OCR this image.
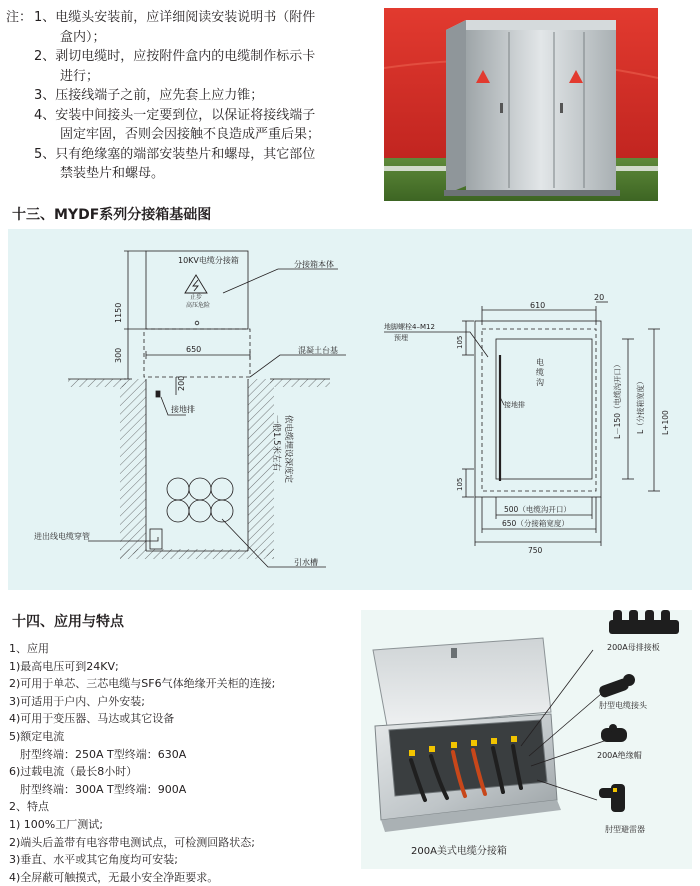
注： 1、电缆头安装前，应详细阅读安装说明书（附件
盒内）；
2、剥切电缆时，应按附件盒内的电缆制作标示卡
进行；
3、压接线端子之前，应先套上应力锥；
4、安装中间接头一定要到位，以保证将接线端子
固定牢固，否则会因接触不良造成严重后果；
5、只有绝缘塞的端部安装垫片和螺母，其它部位
禁装垫片和螺母。
十三、MYDF系列分接箱基础图
10KV电缆分接箱
止步
高压危险
1150
300	650
200
分接箱本体
混凝土台基
接地排
依电缆埋设深度定
一般1.5米左右
进出线电缆穿管
引水槽
610
20
地脚螺栓4–M12
预埋	105
105
接地排
电
缆
沟	L－150（电缆沟开口） L（分接箱宽度） L+100
500（电缆沟开口）
650（分接箱宽度）
750
十四、应用与特点
1、应用
1)最高电压可到24KV;
2)可用于单芯、三芯电缆与SF6气体绝缘开关柜的连接;
3)可适用于户内、户外安装;
4)可用于变压器、马达或其它设备
5)额定电流
肘型终端：250A T型终端：630A
6)过载电流（最长8小时）
肘型终端：300A T型终端：900A
2、特点
1) 100%工厂测试;
2)端头后盖带有电容带电测试点，可检测回路状态;
3)垂直、水平或其它角度均可安装;
4)全屏蔽可触摸式，无最小安全净距要求。
200A母排接板
肘型电缆接头
200A绝缘帽
肘型避雷器
200A美式电缆分接箱
